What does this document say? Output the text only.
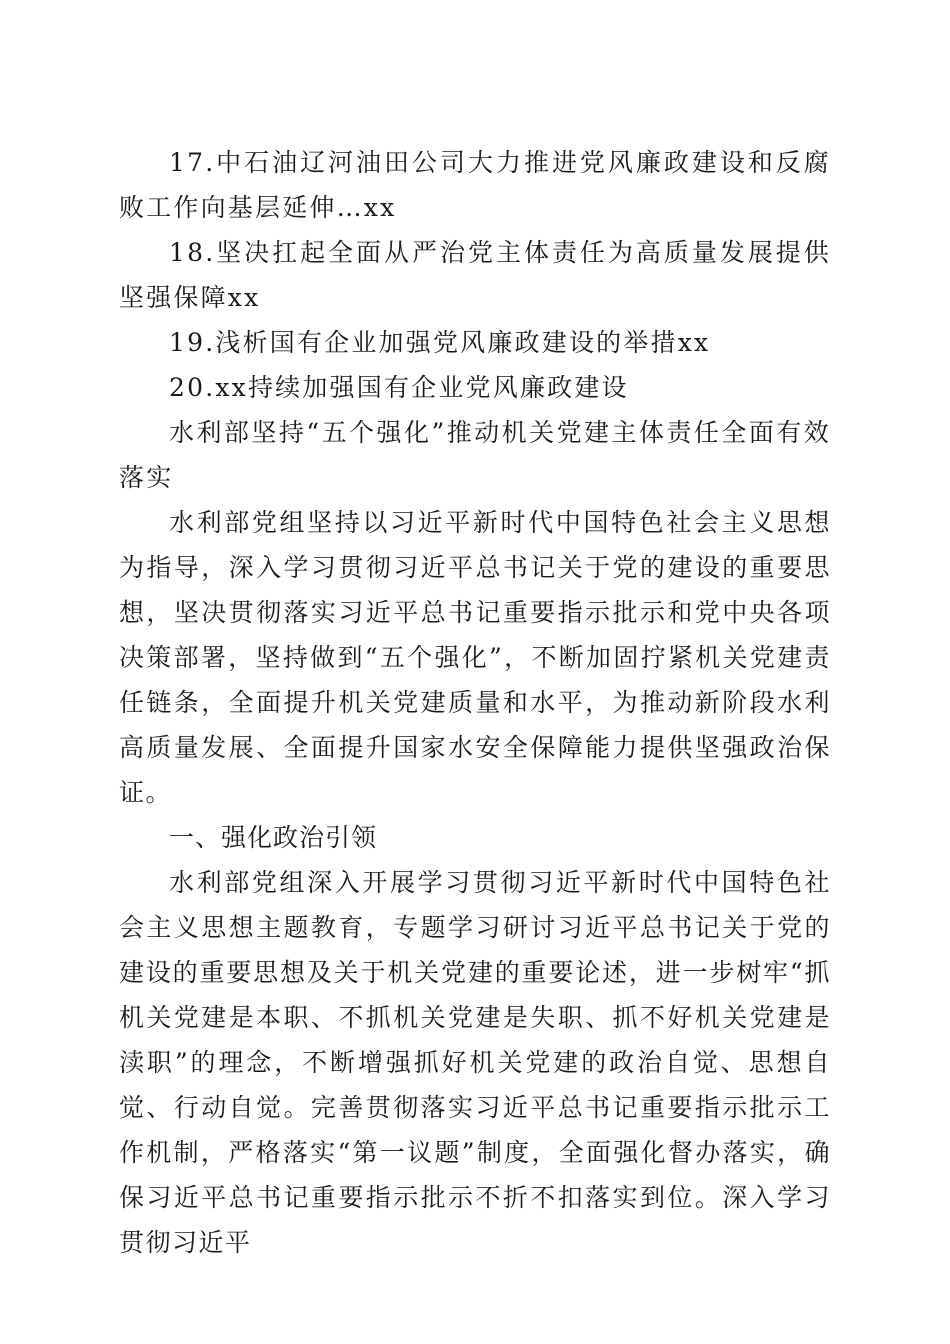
17.中石油辽河油田公司大力推进党风廉政建设和反腐败工作向基层延伸…xx

18.坚决扛起全面从严治党主体责任为高质量发展提供坚强保障xx

19.浅析国有企业加强党风廉政建设的举措xx

20.xx持续加强国有企业党风廉政建设

水利部坚持“五个强化”推动机关党建主体责任全面有效落实

水利部党组坚持以习近平新时代中国特色社会主义思想为指导，深入学习贯彻习近平总书记关于党的建设的重要思想，坚决贯彻落实习近平总书记重要指示批示和党中央各项决策部署，坚持做到“五个强化”，不断加固拧紧机关党建责任链条，全面提升机关党建质量和水平，为推动新阶段水利高质量发展、全面提升国家水安全保障能力提供坚强政治保证。

一、强化政治引领

水利部党组深入开展学习贯彻习近平新时代中国特色社会主义思想主题教育，专题学习研讨习近平总书记关于党的建设的重要思想及关于机关党建的重要论述，进一步树牢“抓机关党建是本职、不抓机关党建是失职、抓不好机关党建是渎职”的理念，不断增强抓好机关党建的政治自觉、思想自觉、行动自觉。完善贯彻落实习近平总书记重要指示批示工作机制，严格落实“第一议题”制度，全面强化督办落实，确保习近平总书记重要指示批示不折不扣落实到位。深入学习贯彻习近平
